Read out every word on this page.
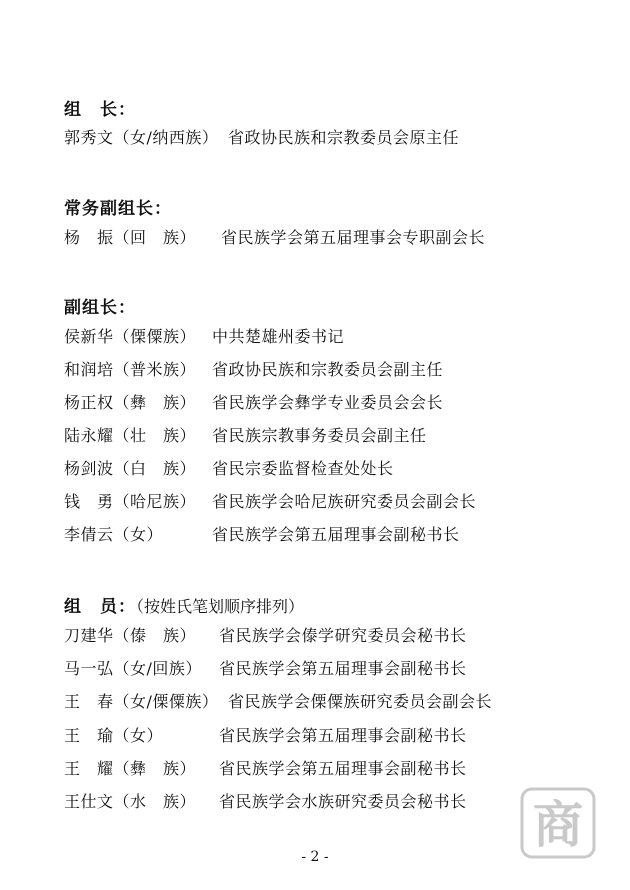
组　长：
郭秀文（女/纳西族） 省政协民族和宗教委员会原主任
常务副组长：
杨　振（回　族） 省民族学会第五届理事会专职副会长
副组长：
侯新华（傈僳族） 中共楚雄州委书记
和润培（普米族） 省政协民族和宗教委员会副主任
杨正权（彝　族） 省民族学会彝学专业委员会会长
陆永耀（壮　族） 省民族宗教事务委员会副主任
杨剑波（白　族） 省民宗委监督检查处处长
钱　勇（哈尼族） 省民族学会哈尼族研究委员会副会长
李倩云（女）	省民族学会第五届理事会副秘书长
组　员：（按姓氏笔划顺序排列）
刀建华（傣　族） 省民族学会傣学研究委员会秘书长
马一弘（女/回族） 省民族学会第五届理事会副秘书长
王　春（女/傈僳族） 省民族学会傈僳族研究委员会副会长
王　瑜（女）	省民族学会第五届理事会副秘书长
王　耀（彝　族） 省民族学会第五届理事会副秘书长
王仕文（水　族） 省民族学会水族研究委员会秘书长
- 2 -
商
